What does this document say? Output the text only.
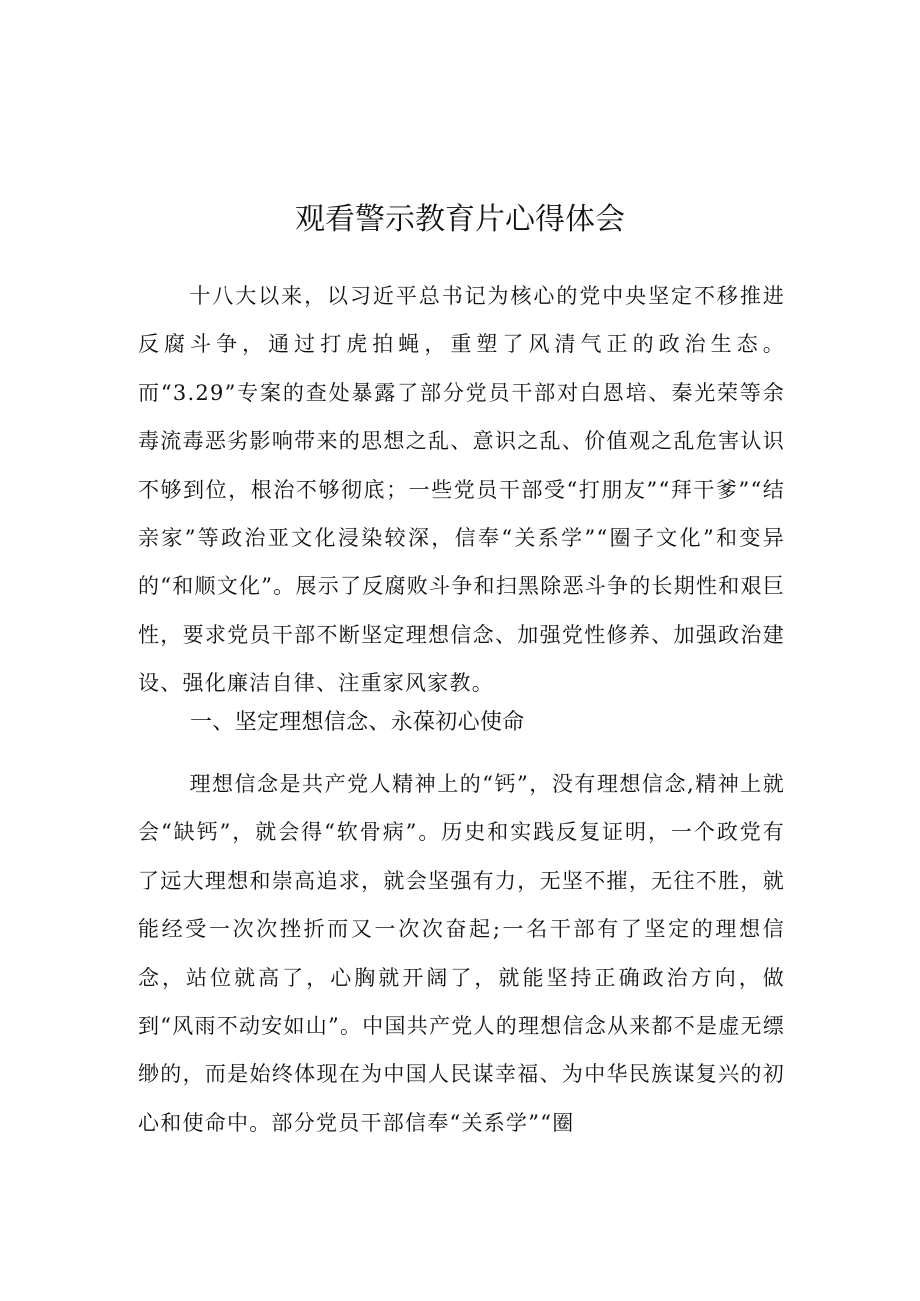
观看警示教育片心得体会

十八大以来，以习近平总书记为核心的党中央坚定不移推进反腐斗争，通过打虎拍蝇，重塑了风清气正的政治生态。而“3.29”专案的查处暴露了部分党员干部对白恩培、秦光荣等余毒流毒恶劣影响带来的思想之乱、意识之乱、价值观之乱危害认识不够到位，根治不够彻底；一些党员干部受“打朋友”“拜干爹”“结亲家”等政治亚文化浸染较深，信奉“关系学”“圈子文化”和变异的“和顺文化”。展示了反腐败斗争和扫黑除恶斗争的长期性和艰巨性，要求党员干部不断坚定理想信念、加强党性修养、加强政治建设、强化廉洁自律、注重家风家教。

一、坚定理想信念、永葆初心使命

理想信念是共产党人精神上的“钙”，没有理想信念,精神上就会“缺钙”，就会得“软骨病”。历史和实践反复证明，一个政党有了远大理想和崇高追求，就会坚强有力，无坚不摧，无往不胜，就能经受一次次挫折而又一次次奋起;一名干部有了坚定的理想信念，站位就高了，心胸就开阔了，就能坚持正确政治方向，做到“风雨不动安如山”。中国共产党人的理想信念从来都不是虚无缥缈的，而是始终体现在为中国人民谋幸福、为中华民族谋复兴的初心和使命中。部分党员干部信奉“关系学”“圈
